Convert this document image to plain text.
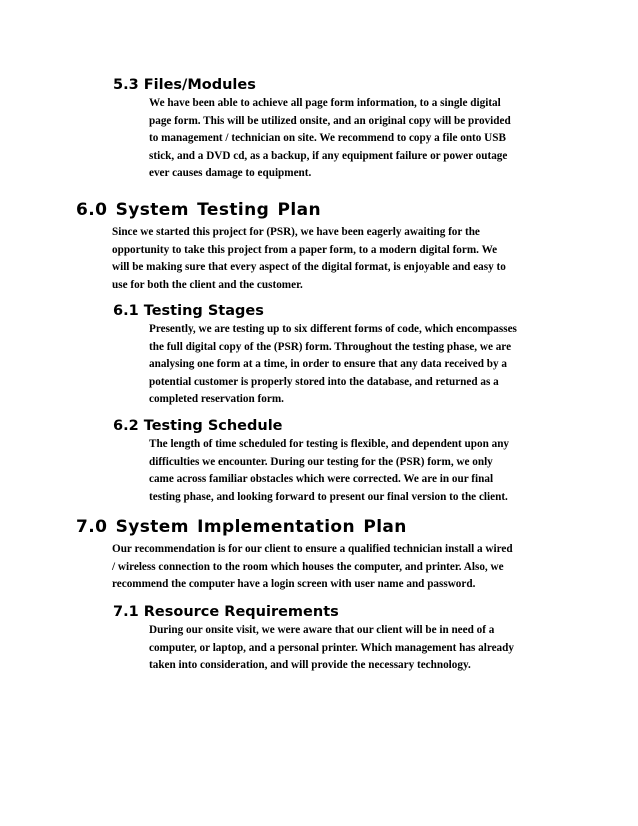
5.3 Files/Modules
We have been able to achieve all page form information, to a single digital
page form. This will be utilized onsite, and an original copy will be provided
to management / technician on site. We recommend to copy a file onto USB
stick, and a DVD cd, as a backup, if any equipment failure or power outage
ever causes damage to equipment.
6.0 System Testing Plan
Since we started this project for (PSR), we have been eagerly awaiting for the
opportunity to take this project from a paper form, to a modern digital form. We
will be making sure that every aspect of the digital format, is enjoyable and easy to
use for both the client and the customer.
6.1 Testing Stages
Presently, we are testing up to six different forms of code, which encompasses
the full digital copy of the (PSR) form. Throughout the testing phase, we are
analysing one form at a time, in order to ensure that any data received by a
potential customer is properly stored into the database, and returned as a
completed reservation form.
6.2 Testing Schedule
The length of time scheduled for testing is flexible, and dependent upon any
difficulties we encounter. During our testing for the (PSR) form, we only
came across familiar obstacles which were corrected. We are in our final
testing phase, and looking forward to present our final version to the client.
7.0 System Implementation Plan
Our recommendation is for our client to ensure a qualified technician install a wired
/ wireless connection to the room which houses the computer, and printer. Also, we
recommend the computer have a login screen with user name and password.
7.1 Resource Requirements
During our onsite visit, we were aware that our client will be in need of a
computer, or laptop, and a personal printer. Which management has already
taken into consideration, and will provide the necessary technology.
